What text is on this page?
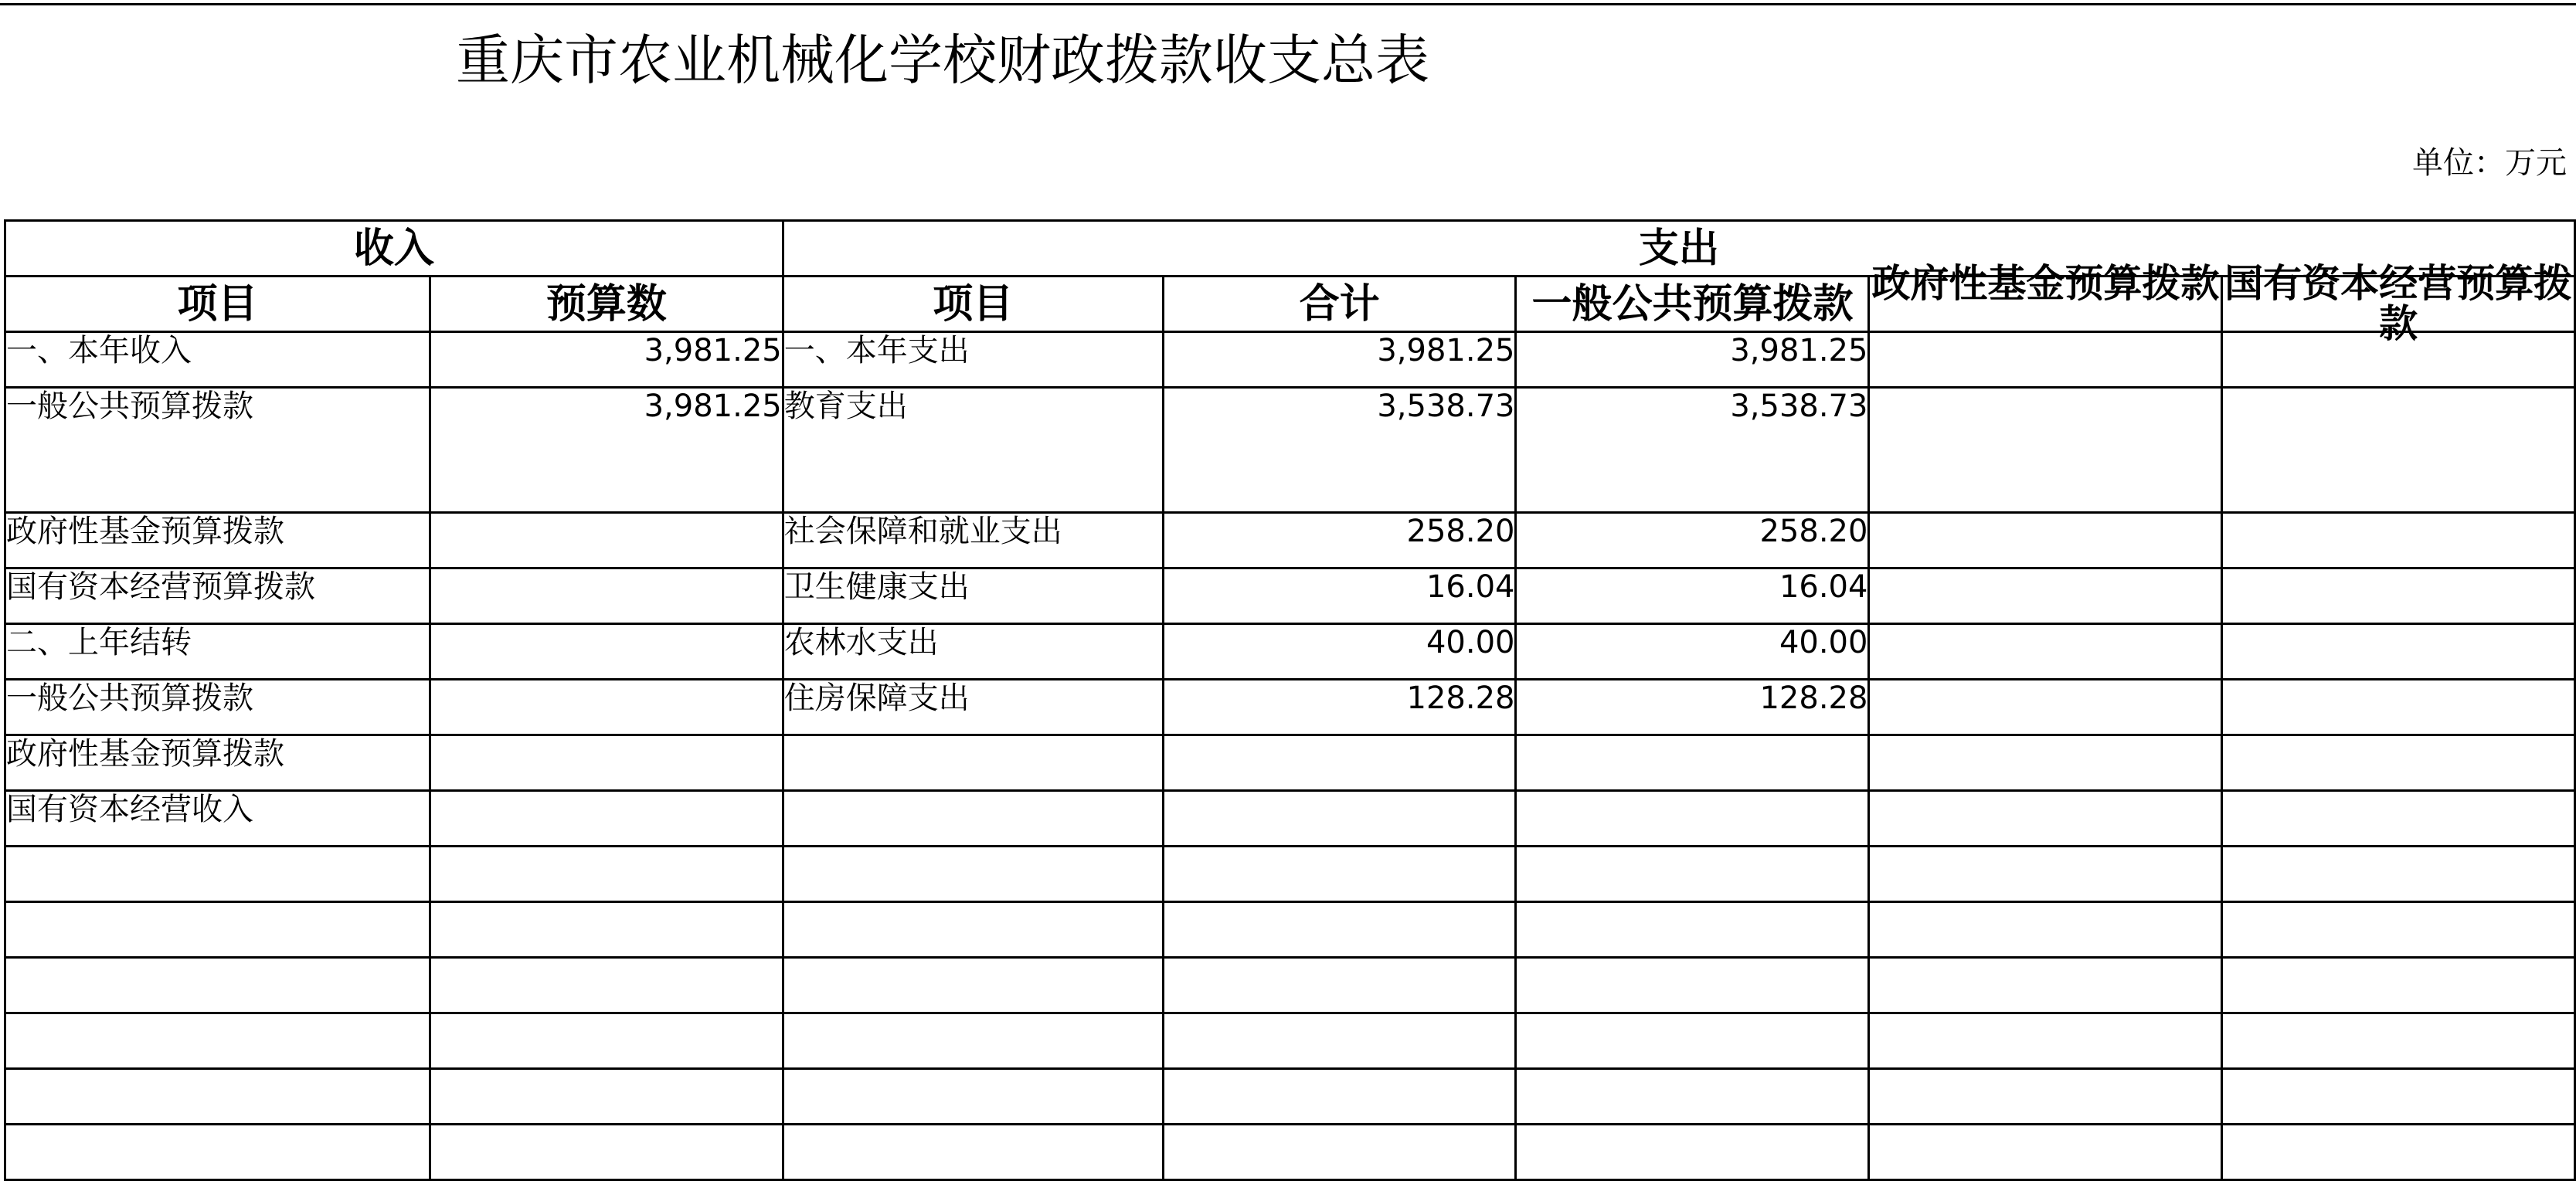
重庆市农业机械化学校财政拨款收支总表
单位：万元
收入		支出				
项目	预算数	项目	合计	一般公共预算拨款	政府性基金预算拨款	国有资本经营预算拨款

一、本年收入	3,981.25	一、本年支出	3,981.25	3,981.25		
一般公共预算拨款	3,981.25	教育支出	3,538.73	3,538.73		
政府性基金预算拨款		社会保障和就业支出	258.20	258.20		
国有资本经营预算拨款		卫生健康支出	16.04	16.04		
二、上年结转		农林水支出	40.00	40.00		
一般公共预算拨款		住房保障支出	128.28	128.28		
政府性基金预算拨款						
国有资本经营收入						
